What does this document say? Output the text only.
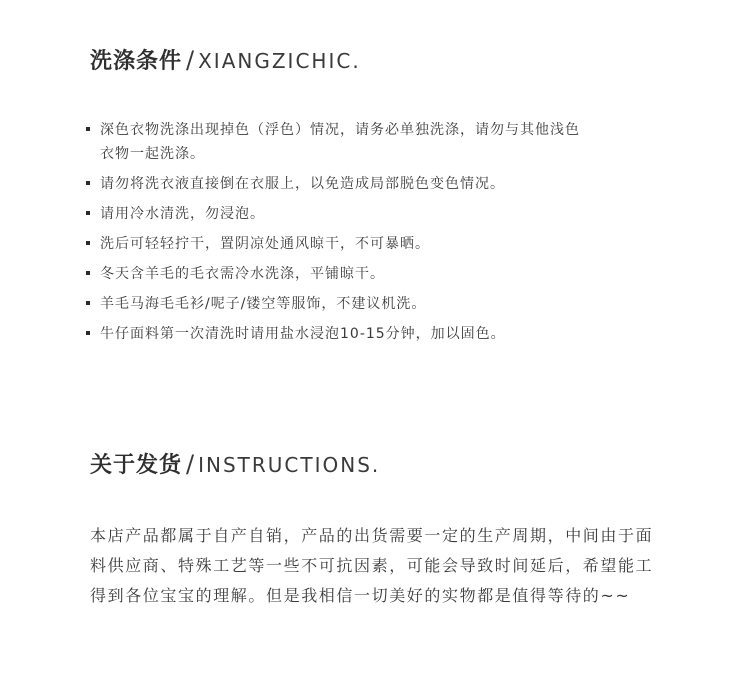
洗涤条件 / XIANGZICHIC.
深色衣物洗涤出现掉色（浮色）情况，请务必单独洗涤，请勿与其他浅色衣物一起洗涤。
请勿将洗衣液直接倒在衣服上，以免造成局部脱色变色情况。
请用冷水清洗，勿浸泡。
洗后可轻轻拧干，置阴凉处通风晾干，不可暴晒。
冬天含羊毛的毛衣需冷水洗涤，平铺晾干。
羊毛马海毛毛衫/呢子/镂空等服饰，不建议机洗。
牛仔面料第一次清洗时请用盐水浸泡10-15分钟，加以固色。
关于发货 / INSTRUCTIONS.

本店产品都属于自产自销，产品的出货需要一定的生产周期，中间由于面料供应商、特殊工艺等一些不可抗因素，可能会导致时间延后，希望能工得到各位宝宝的理解。但是我相信一切美好的实物都是值得等待的~~
